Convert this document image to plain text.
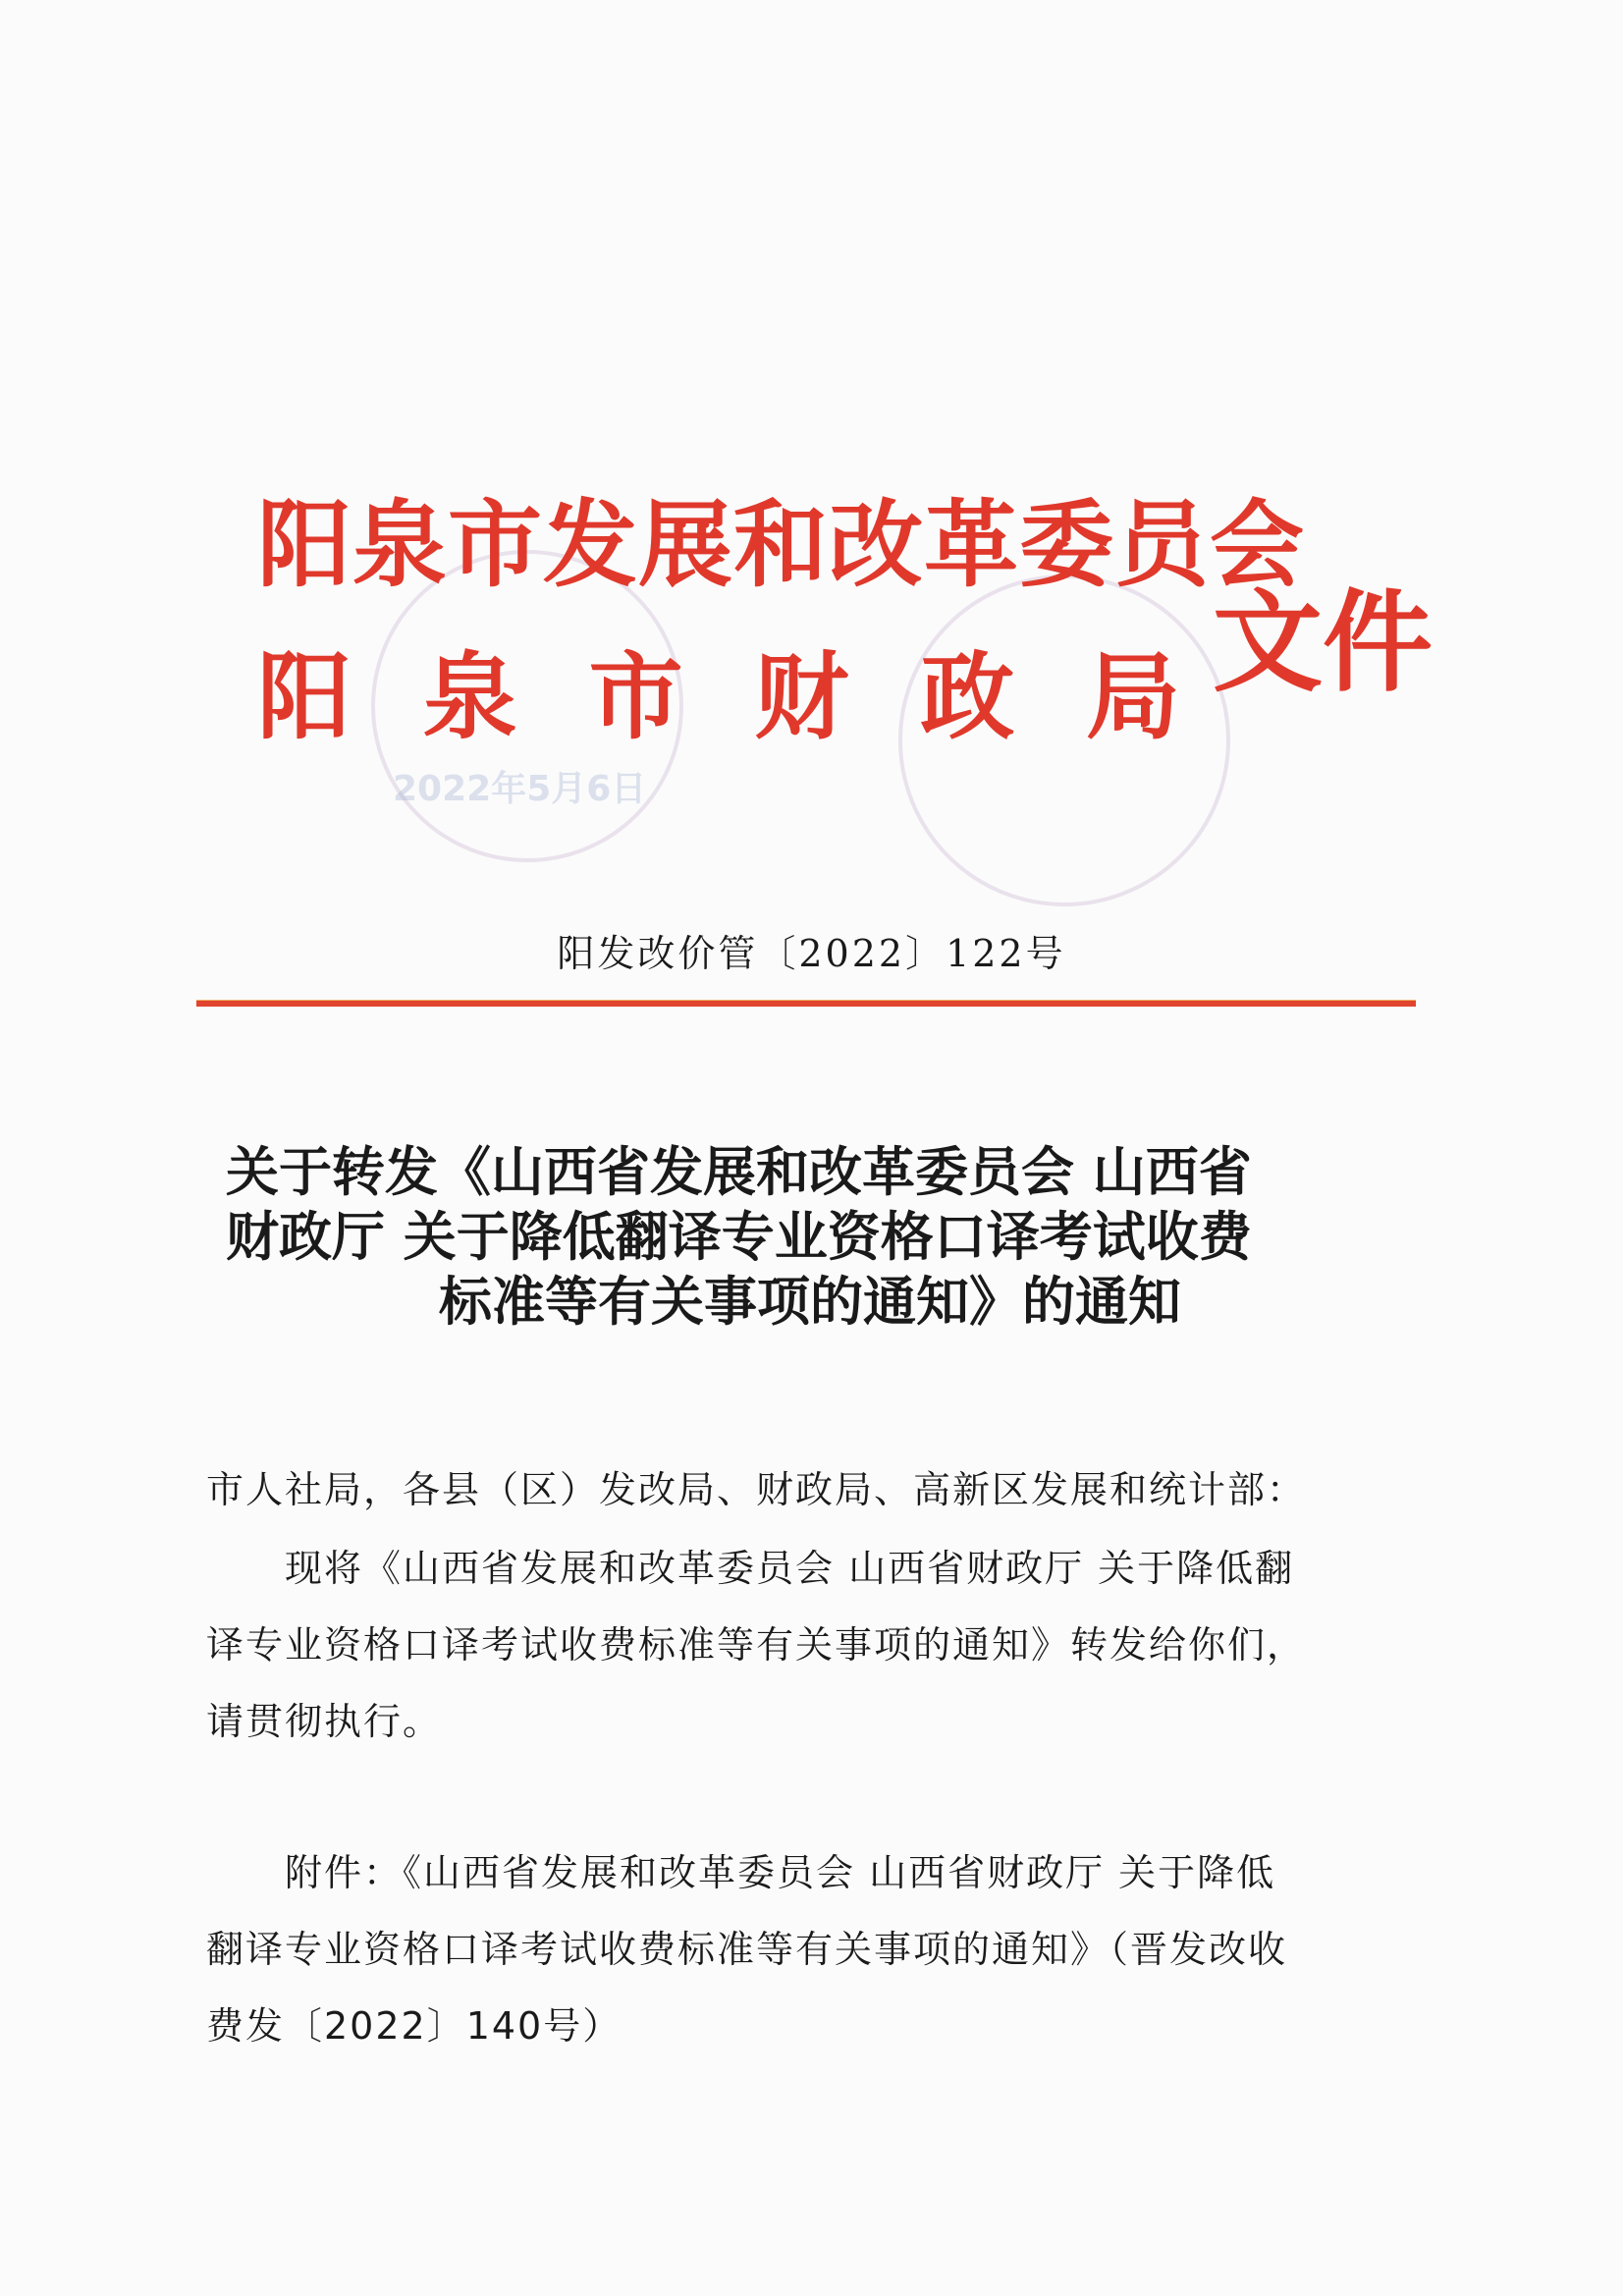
2022年5月6日
阳 泉 市 发 展 和 改 革 委 员 会
阳 泉 市 财 政 局 文件
阳发改价管〔2022〕122号
关于转发《山西省发展和改革委员会 山西省
财政厅 关于降低翻译专业资格口译考试收费
标准等有关事项的通知》的通知
市人社局，各县（区）发改局、财政局、高新区发展和统计部：
现将《山西省发展和改革委员会 山西省财政厅 关于降低翻
译专业资格口译考试收费标准等有关事项的通知》转发给你们，
请贯彻执行。
附件：《山西省发展和改革委员会 山西省财政厅 关于降低
翻译专业资格口译考试收费标准等有关事项的通知》（晋发改收
费发〔2022〕140号）
